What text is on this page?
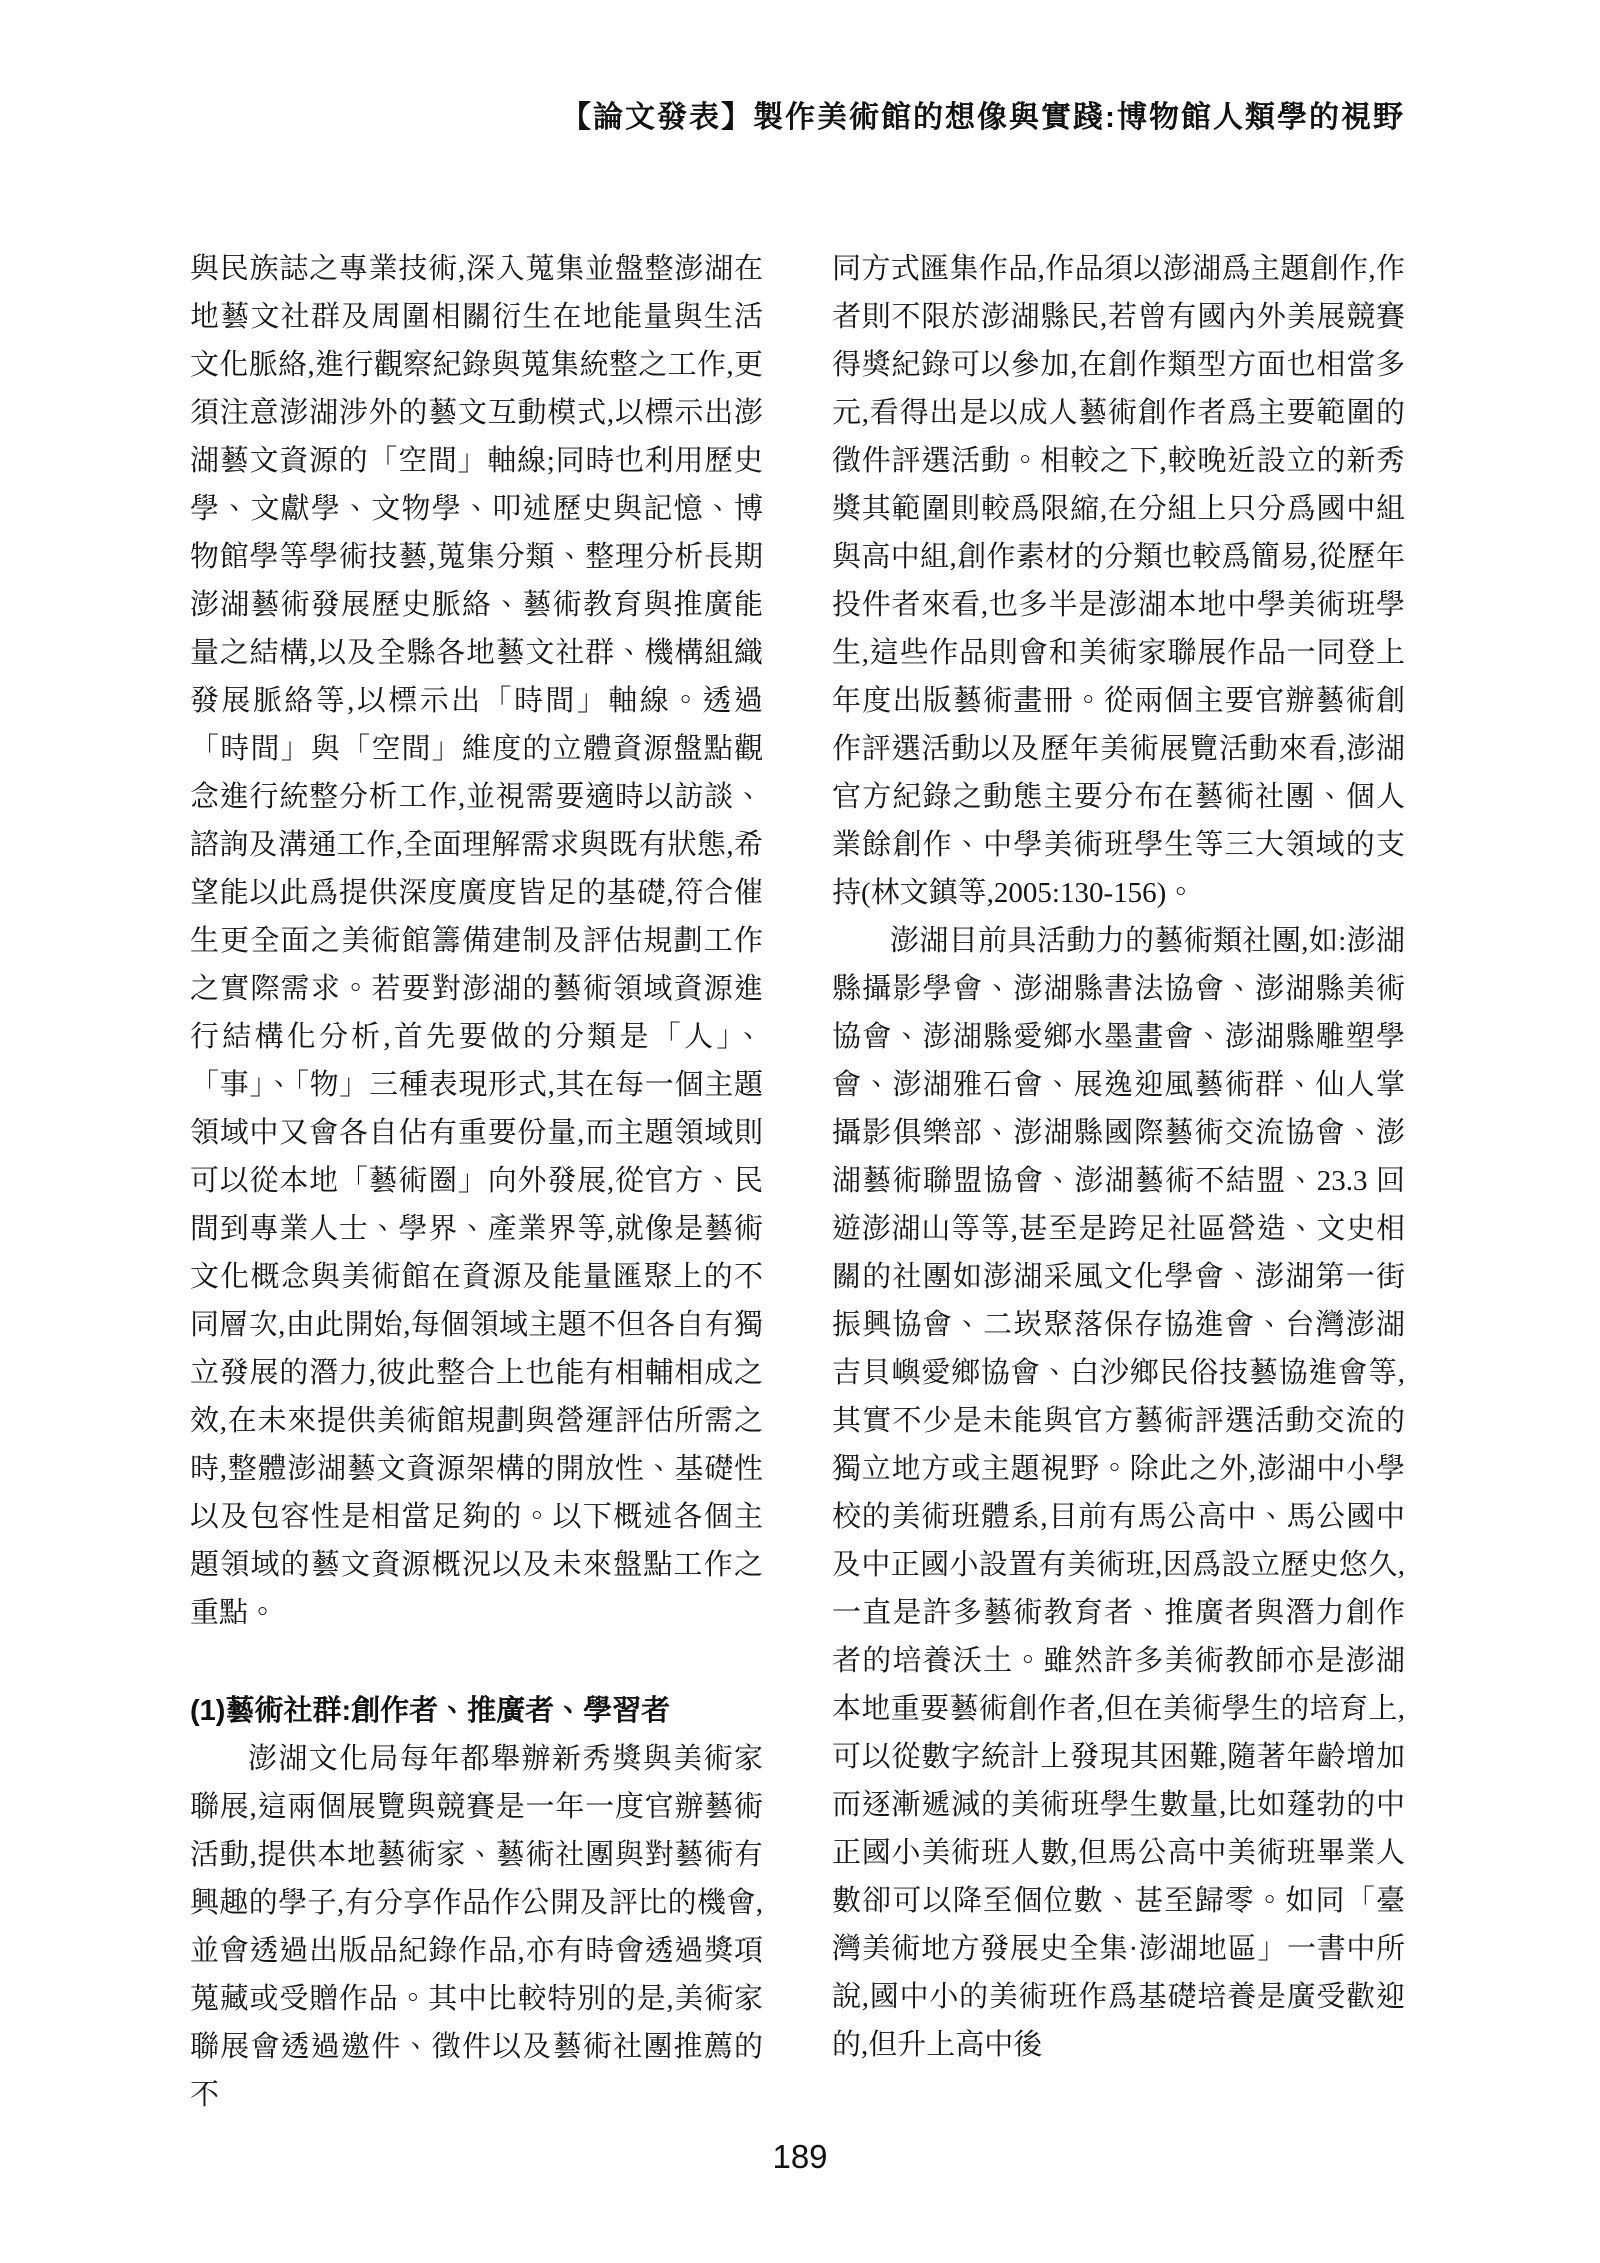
【論文發表】製作美術館的想像與實踐:博物館人類學的視野

與民族誌之專業技術,深入蒐集並盤整澎湖在地藝文社群及周圍相關衍生在地能量與生活文化脈絡,進行觀察紀錄與蒐集統整之工作,更須注意澎湖涉外的藝文互動模式,以標示出澎湖藝文資源的「空間」軸線;同時也利用歷史學、文獻學、文物學、叩述歷史與記憶、博物館學等學術技藝,蒐集分類、整理分析長期澎湖藝術發展歷史脈絡、藝術教育與推廣能量之結構,以及全縣各地藝文社群、機構組織發展脈絡等,以標示出「時間」軸線。透過「時間」與「空間」維度的立體資源盤點觀念進行統整分析工作,並視需要適時以訪談、諮詢及溝通工作,全面理解需求與既有狀態,希望能以此爲提供深度廣度皆足的基礎,符合催生更全面之美術館籌備建制及評估規劃工作之實際需求。若要對澎湖的藝術領域資源進行結構化分析,首先要做的分類是「人」、「事」、「物」三種表現形式,其在每一個主題領域中又會各自佔有重要份量,而主題領域則可以從本地「藝術圈」向外發展,從官方、民間到專業人士、學界、產業界等,就像是藝術文化概念與美術館在資源及能量匯聚上的不同層次,由此開始,每個領域主題不但各自有獨立發展的潛力,彼此整合上也能有相輔相成之效,在未來提供美術館規劃與營運評估所需之時,整體澎湖藝文資源架構的開放性、基礎性以及包容性是相當足夠的。以下概述各個主題領域的藝文資源概況以及未來盤點工作之重點。

(1)藝術社群:創作者、推廣者、學習者

澎湖文化局每年都舉辦新秀獎與美術家聯展,這兩個展覽與競賽是一年一度官辦藝術活動,提供本地藝術家、藝術社團與對藝術有興趣的學子,有分享作品作公開及評比的機會,並會透過出版品紀錄作品,亦有時會透過獎項蒐藏或受贈作品。其中比較特別的是,美術家聯展會透過邀件、徵件以及藝術社團推薦的不

同方式匯集作品,作品須以澎湖爲主題創作,作者則不限於澎湖縣民,若曾有國內外美展競賽得獎紀錄可以參加,在創作類型方面也相當多元,看得出是以成人藝術創作者爲主要範圍的徵件評選活動。相較之下,較晚近設立的新秀獎其範圍則較爲限縮,在分組上只分爲國中組與高中組,創作素材的分類也較爲簡易,從歷年投件者來看,也多半是澎湖本地中學美術班學生,這些作品則會和美術家聯展作品一同登上年度出版藝術畫冊。從兩個主要官辦藝術創作評選活動以及歷年美術展覽活動來看,澎湖官方紀錄之動態主要分布在藝術社團、個人業餘創作、中學美術班學生等三大領域的支持(林文鎮等,2005:130-156)。

澎湖目前具活動力的藝術類社團,如:澎湖縣攝影學會、澎湖縣書法協會、澎湖縣美術協會、澎湖縣愛鄉水墨畫會、澎湖縣雕塑學會、澎湖雅石會、展逸迎風藝術群、仙人掌攝影俱樂部、澎湖縣國際藝術交流協會、澎湖藝術聯盟協會、澎湖藝術不結盟、23.3 回遊澎湖山等等,甚至是跨足社區營造、文史相關的社團如澎湖采風文化學會、澎湖第一街振興協會、二崁聚落保存協進會、台灣澎湖吉貝嶼愛鄉協會、白沙鄉民俗技藝協進會等,其實不少是未能與官方藝術評選活動交流的獨立地方或主題視野。除此之外,澎湖中小學校的美術班體系,目前有馬公高中、馬公國中及中正國小設置有美術班,因爲設立歷史悠久,一直是許多藝術教育者、推廣者與潛力創作者的培養沃土。雖然許多美術教師亦是澎湖本地重要藝術創作者,但在美術學生的培育上,可以從數字統計上發現其困難,隨著年齡增加而逐漸遞減的美術班學生數量,比如蓬勃的中正國小美術班人數,但馬公高中美術班畢業人數卻可以降至個位數、甚至歸零。如同「臺灣美術地方發展史全集·澎湖地區」一書中所說,國中小的美術班作爲基礎培養是廣受歡迎的,但升上高中後

189
